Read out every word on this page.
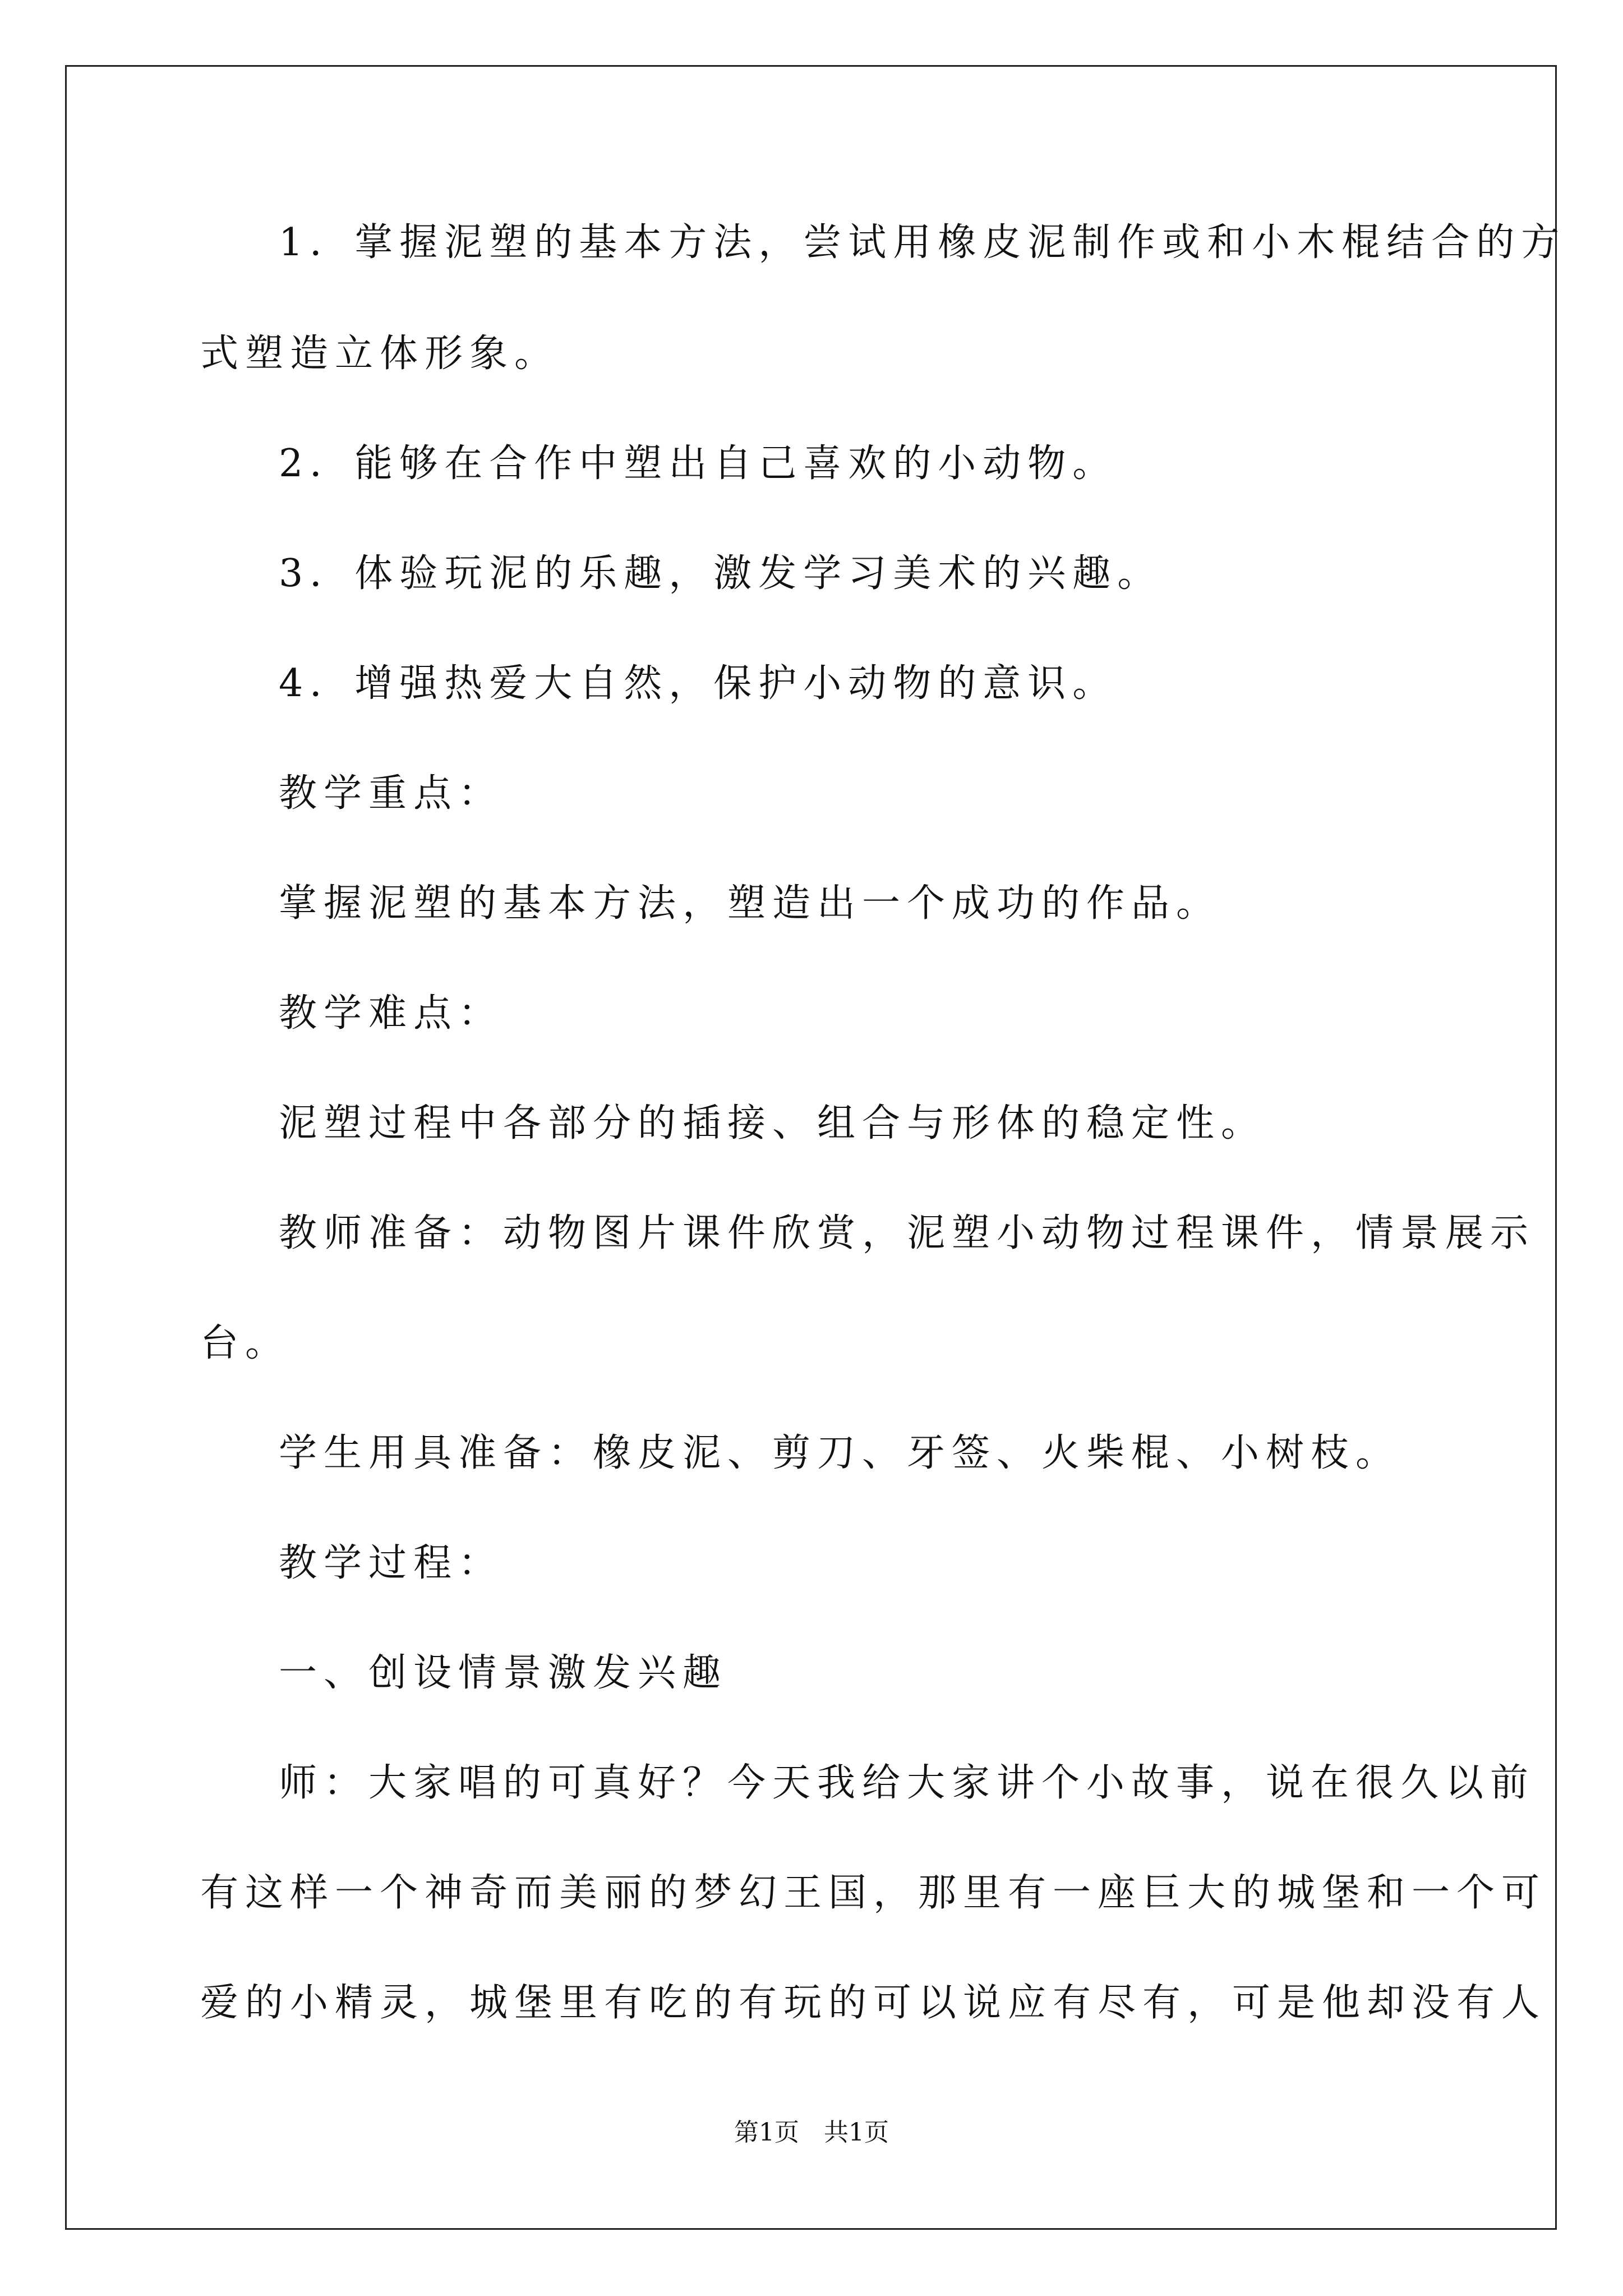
1．掌握泥塑的基本方法，尝试用橡皮泥制作或和小木棍结合的方
式塑造立体形象。
2．能够在合作中塑出自己喜欢的小动物。
3．体验玩泥的乐趣，激发学习美术的兴趣。
4．增强热爱大自然，保护小动物的意识。
教学重点：
掌握泥塑的基本方法，塑造出一个成功的作品。
教学难点：
泥塑过程中各部分的插接、组合与形体的稳定性。
教师准备：动物图片课件欣赏，泥塑小动物过程课件，情景展示
台。
学生用具准备：橡皮泥、剪刀、牙签、火柴棍、小树枝。
教学过程：
一、创设情景激发兴趣
师：大家唱的可真好？今天我给大家讲个小故事，说在很久以前
有这样一个神奇而美丽的梦幻王国，那里有一座巨大的城堡和一个可
爱的小精灵，城堡里有吃的有玩的可以说应有尽有，可是他却没有人
第1页　共1页
